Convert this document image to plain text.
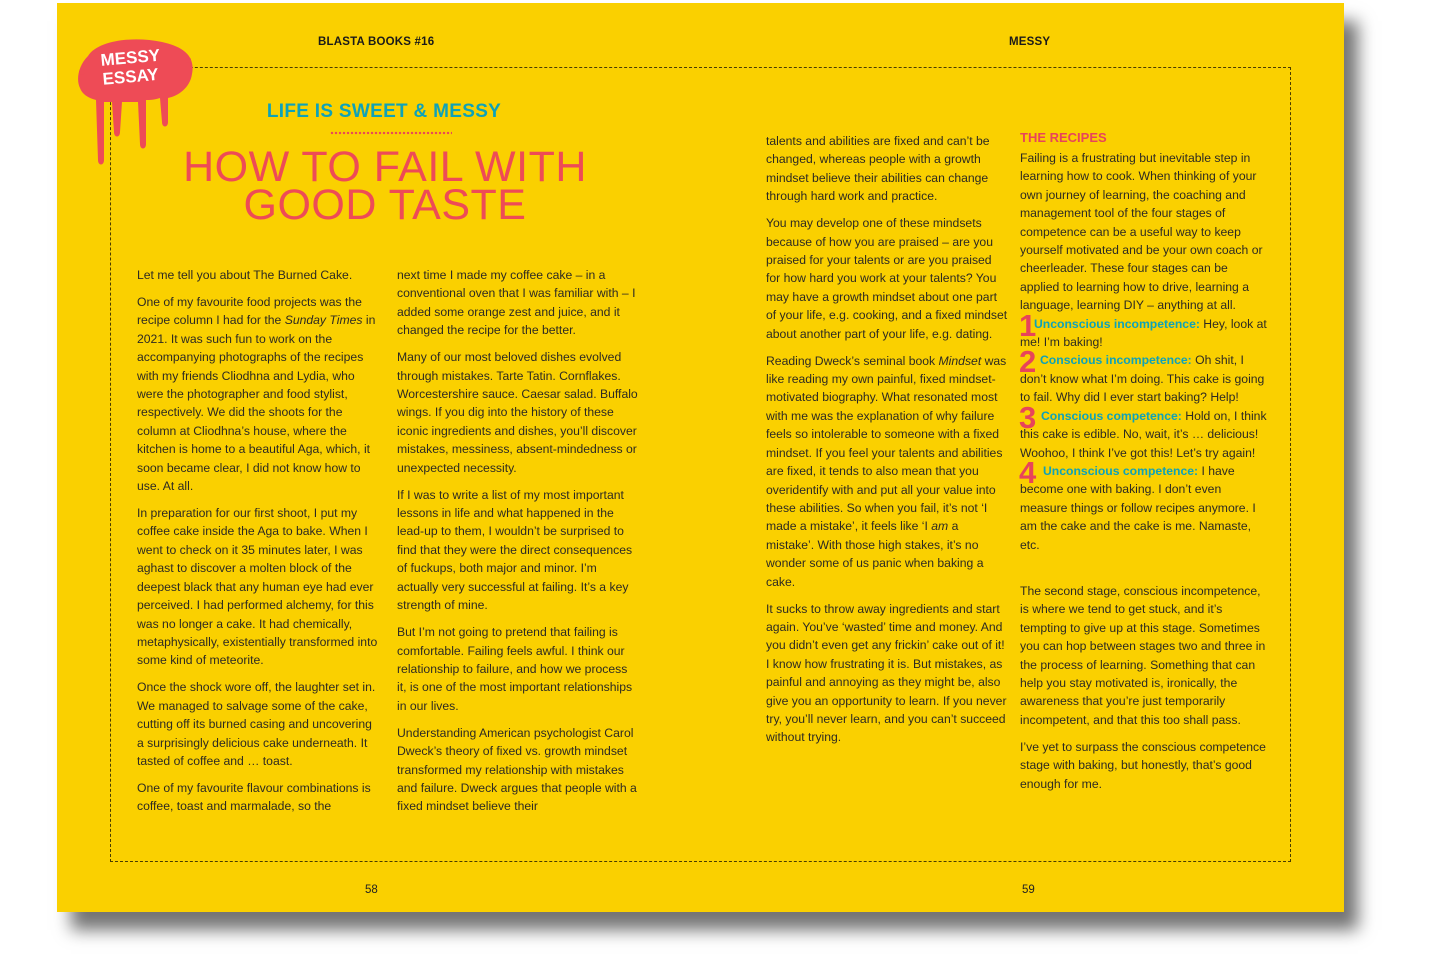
BLASTA BOOKS #16	MESSY
MESSY
ESSAY
LIFE IS SWEET & MESSY
HOW TO FAIL WITH
GOOD TASTE

Let me tell you about The Burned Cake.

One of my favourite food projects was the recipe column I had for the Sunday Times in 2021. It was such fun to work on the accompanying photographs of the recipes with my friends Cliodhna and Lydia, who were the photographer and food stylist, respectively. We did the shoots for the column at Cliodhna’s house, where the kitchen is home to a beautiful Aga, which, it soon became clear, I did not know how to use. At all.

In preparation for our first shoot, I put my coffee cake inside the Aga to bake. When I went to check on it 35 minutes later, I was aghast to discover a molten block of the deepest black that any human eye had ever perceived. I had performed alchemy, for this was no longer a cake. It had chemically, metaphysically, existentially transformed into some kind of meteorite.

Once the shock wore off, the laughter set in. We managed to salvage some of the cake, cutting off its burned casing and uncovering a surprisingly delicious cake underneath. It tasted of coffee and … toast.

One of my favourite flavour combinations is coffee, toast and marmalade, so the

next time I made my coffee cake – in a conventional oven that I was familiar with – I added some orange zest and juice, and it changed the recipe for the better.

Many of our most beloved dishes evolved through mistakes. Tarte Tatin. Cornflakes. Worcestershire sauce. Caesar salad. Buffalo wings. If you dig into the history of these iconic ingredients and dishes, you’ll discover mistakes, messiness, absent-mindedness or unexpected necessity.

If I was to write a list of my most important lessons in life and what happened in the lead-up to them, I wouldn’t be surprised to find that they were the direct consequences of fuckups, both major and minor. I’m actually very successful at failing. It’s a key strength of mine.

But I’m not going to pretend that failing is comfortable. Failing feels awful. I think our relationship to failure, and how we process it, is one of the most important relationships in our lives.

Understanding American psychologist Carol Dweck’s theory of fixed vs. growth mindset transformed my relationship with mistakes and failure. Dweck argues that people with a fixed mindset believe their

talents and abilities are fixed and can’t be changed, whereas people with a growth mindset believe their abilities can change through hard work and practice.

You may develop one of these mindsets because of how you are praised – are you praised for your talents or are you praised for how hard you work at your talents? You may have a growth mindset about one part of your life, e.g. cooking, and a fixed mindset about another part of your life, e.g. dating.

Reading Dweck’s seminal book Mindset was like reading my own painful, fixed mindset-motivated biography. What resonated most with me was the explanation of why failure feels so intolerable to someone with a fixed mindset. If you feel your talents and abilities are fixed, it tends to also mean that you overidentify with and put all your value into these abilities. So when you fail, it’s not ‘I made a mistake’, it feels like ‘I am a mistake’. With those high stakes, it’s no wonder some of us panic when baking a cake.

It sucks to throw away ingredients and start again. You’ve ‘wasted’ time and money. And you didn’t even get any frickin’ cake out of it! I know how frustrating it is. But mistakes, as painful and annoying as they might be, also give you an opportunity to learn. If you never try, you’ll never learn, and you can’t succeed without trying.

THE RECIPES

Failing is a frustrating but inevitable step in learning how to cook. When thinking of your own journey of learning, the coaching and management tool of the four stages of competence can be a useful way to keep yourself motivated and be your own coach or cheerleader. These four stages can be applied to learning how to drive, learning a language, learning DIY – anything at all.

1
Unconscious incompetence: Hey, look at me! I’m baking!
2 Conscious incompetence: Oh shit, I don’t know what I’m doing. This cake is going to fail. Why did I ever start baking? Help!
3 Conscious competence: Hold on, I think this cake is edible. No, wait, it’s … delicious! Woohoo, I think I’ve got this! Let’s try again!
4 Unconscious competence: I have become one with baking. I don’t even measure things or follow recipes anymore. I am the cake and the cake is me. Namaste, etc.

The second stage, conscious incompetence, is where we tend to get stuck, and it’s tempting to give up at this stage. Sometimes you can hop between stages two and three in the process of learning. Something that can help you stay motivated is, ironically, the awareness that you’re just temporarily incompetent, and that this too shall pass.

I’ve yet to surpass the conscious competence stage with baking, but honestly, that’s good enough for me.

58	59
